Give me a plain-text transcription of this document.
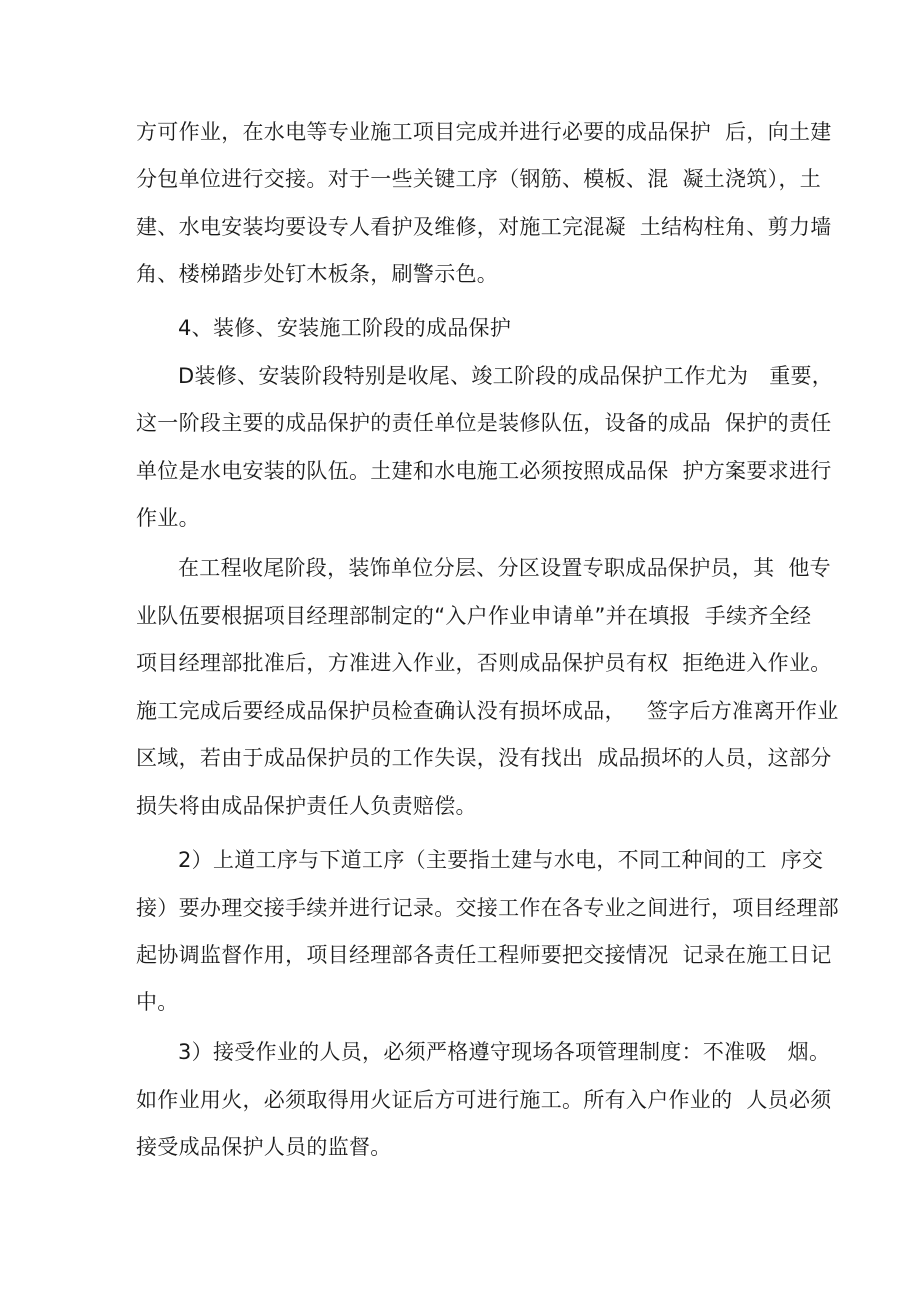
方可作业，在水电等专业施工项目完成并进行必要的成品保护  后，向土建
分包单位进行交接。对于一些关键工序（钢筋、模板、混  凝土浇筑），土
建、水电安装均要设专人看护及维修，对施工完混凝  土结构柱角、剪力墙
角、楼梯踏步处钉木板条，刷警示色。
4、装修、安装施工阶段的成品保护
D装修、安装阶段特别是收尾、竣工阶段的成品保护工作尤为   重要，
这一阶段主要的成品保护的责任单位是装修队伍，设备的成品  保护的责任
单位是水电安装的队伍。土建和水电施工必须按照成品保  护方案要求进行
作业。
在工程收尾阶段，装饰单位分层、分区设置专职成品保护员，其  他专
业队伍要根据项目经理部制定的“入户作业申请单”并在填报  手续齐全经
项目经理部批准后，方准进入作业，否则成品保护员有权  拒绝进入作业。
施工完成后要经成品保护员检查确认没有损坏成品，   签字后方准离开作业
区域，若由于成品保护员的工作失误，没有找出  成品损坏的人员，这部分
损失将由成品保护责任人负责赔偿。
2）上道工序与下道工序（主要指土建与水电，不同工种间的工  序交
接）要办理交接手续并进行记录。交接工作在各专业之间进行，项目经理部
起协调监督作用，项目经理部各责任工程师要把交接情况  记录在施工日记
中。
3）接受作业的人员，必须严格遵守现场各项管理制度：不准吸   烟。
如作业用火，必须取得用火证后方可进行施工。所有入户作业的  人员必须
接受成品保护人员的监督。
